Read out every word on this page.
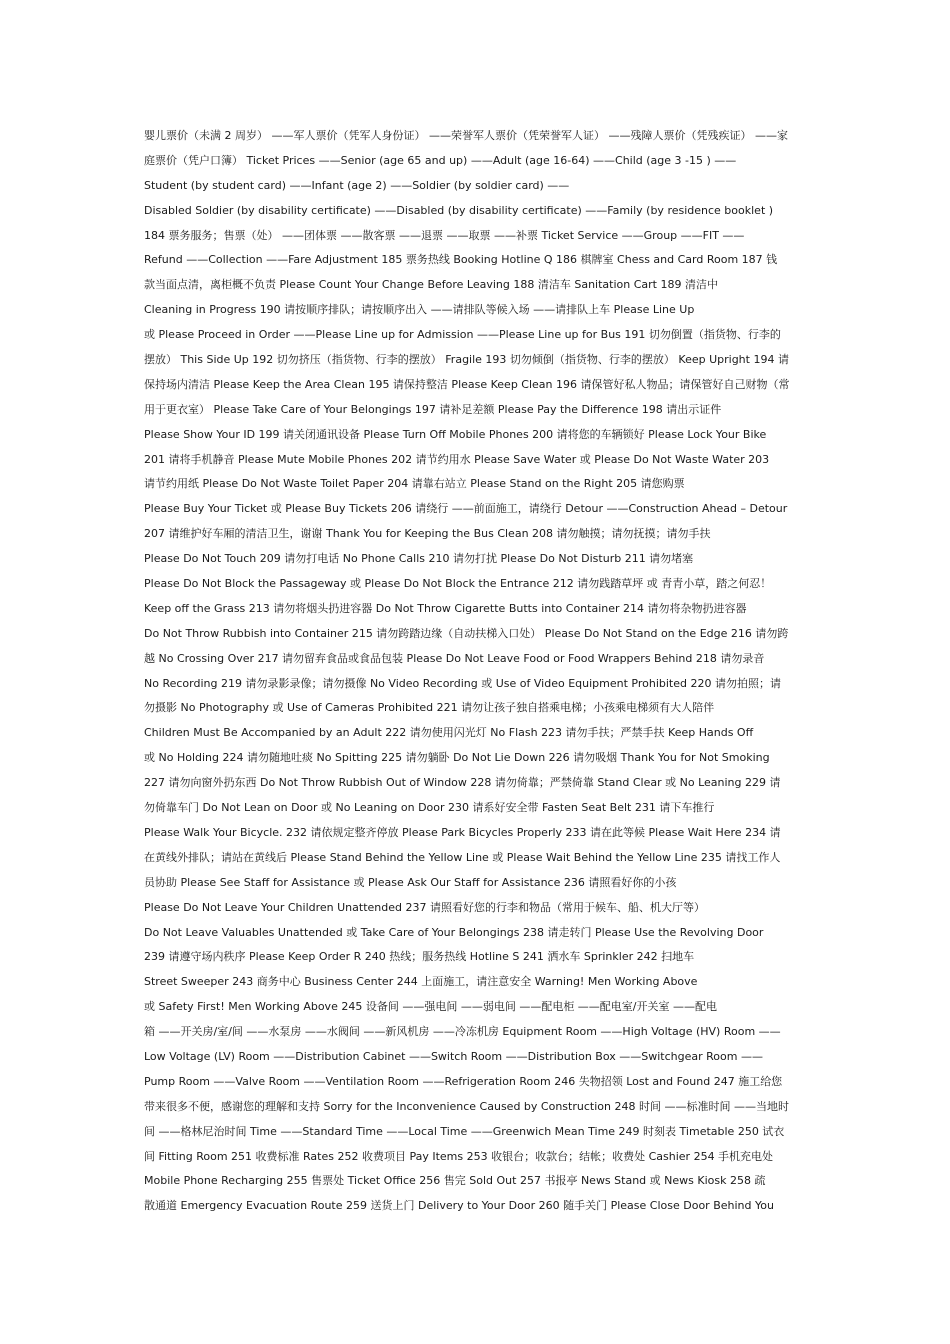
婴儿票价（未满 2 周岁） ——军人票价（凭军人身份证） ——荣誉军人票价（凭荣誉军人证） ——残障人票价（凭残疾证） ——家
庭票价（凭户口簿） Ticket Prices ——Senior (age 65 and up) ——Adult (age 16-64) ——Child (age 3 -15 ) ——
Student (by student card) ——Infant (age 2) ——Soldier (by soldier card) ——
Disabled Soldier (by disability certificate) ——Disabled (by disability certificate) ——Family (by residence booklet )
184 票务服务；售票（处） ——团体票 ——散客票 ——退票 ——取票 ——补票 Ticket Service ——Group ——FIT ——
Refund ——Collection ——Fare Adjustment 185 票务热线 Booking Hotline Q 186 棋牌室 Chess and Card Room 187 钱
款当面点清，离柜概不负责 Please Count Your Change Before Leaving 188 清洁车 Sanitation Cart 189 清洁中
Cleaning in Progress 190 请按顺序排队；请按顺序出入 ——请排队等候入场 ——请排队上车 Please Line Up
或 Please Proceed in Order ——Please Line up for Admission ——Please Line up for Bus 191 切勿倒置（指货物、行李的
摆放） This Side Up 192 切勿挤压（指货物、行李的摆放） Fragile 193 切勿倾倒（指货物、行李的摆放） Keep Upright 194 请
保持场内清洁 Please Keep the Area Clean 195 请保持整洁 Please Keep Clean 196 请保管好私人物品；请保管好自己财物（常
用于更衣室） Please Take Care of Your Belongings 197 请补足差额 Please Pay the Difference 198 请出示证件
Please Show Your ID 199 请关闭通讯设备 Please Turn Off Mobile Phones 200 请将您的车辆锁好 Please Lock Your Bike
201 请将手机静音 Please Mute Mobile Phones 202 请节约用水 Please Save Water 或 Please Do Not Waste Water 203
请节约用纸 Please Do Not Waste Toilet Paper 204 请靠右站立 Please Stand on the Right 205 请您购票
Please Buy Your Ticket 或 Please Buy Tickets 206 请绕行 ——前面施工，请绕行 Detour ——Construction Ahead – Detour
207 请维护好车厢的清洁卫生，谢谢 Thank You for Keeping the Bus Clean 208 请勿触摸；请勿抚摸；请勿手扶
Please Do Not Touch 209 请勿打电话 No Phone Calls 210 请勿打扰 Please Do Not Disturb 211 请勿堵塞
Please Do Not Block the Passageway 或 Please Do Not Block the Entrance 212 请勿践踏草坪 或 青青小草，踏之何忍！
Keep off the Grass 213 请勿将烟头扔进容器 Do Not Throw Cigarette Butts into Container 214 请勿将杂物扔进容器
Do Not Throw Rubbish into Container 215 请勿跨踏边缘（自动扶梯入口处） Please Do Not Stand on the Edge 216 请勿跨
越 No Crossing Over 217 请勿留弃食品或食品包装 Please Do Not Leave Food or Food Wrappers Behind 218 请勿录音
No Recording 219 请勿录影录像；请勿摄像 No Video Recording 或 Use of Video Equipment Prohibited 220 请勿拍照；请
勿摄影 No Photography 或 Use of Cameras Prohibited 221 请勿让孩子独自搭乘电梯；小孩乘电梯须有大人陪伴
Children Must Be Accompanied by an Adult 222 请勿使用闪光灯 No Flash 223 请勿手扶；严禁手扶 Keep Hands Off
或 No Holding 224 请勿随地吐痰 No Spitting 225 请勿躺卧 Do Not Lie Down 226 请勿吸烟 Thank You for Not Smoking
227 请勿向窗外扔东西 Do Not Throw Rubbish Out of Window 228 请勿倚靠；严禁倚靠 Stand Clear 或 No Leaning 229 请
勿倚靠车门 Do Not Lean on Door 或 No Leaning on Door 230 请系好安全带 Fasten Seat Belt 231 请下车推行
Please Walk Your Bicycle. 232 请依规定整齐停放 Please Park Bicycles Properly 233 请在此等候 Please Wait Here 234 请
在黄线外排队；请站在黄线后 Please Stand Behind the Yellow Line 或 Please Wait Behind the Yellow Line 235 请找工作人
员协助 Please See Staff for Assistance 或 Please Ask Our Staff for Assistance 236 请照看好你的小孩
Please Do Not Leave Your Children Unattended 237 请照看好您的行李和物品（常用于候车、船、机大厅等）
Do Not Leave Valuables Unattended 或 Take Care of Your Belongings 238 请走转门 Please Use the Revolving Door
239 请遵守场内秩序 Please Keep Order R 240 热线；服务热线 Hotline S 241 洒水车 Sprinkler 242 扫地车
Street Sweeper 243 商务中心 Business Center 244 上面施工，请注意安全 Warning! Men Working Above
或 Safety First! Men Working Above 245 设备间 ——强电间 ——弱电间 ——配电柜 ——配电室/开关室 ——配电
箱 ——开关房/室/间 ——水泵房 ——水阀间 ——新风机房 ——冷冻机房 Equipment Room ——High Voltage (HV) Room ——
Low Voltage (LV) Room ——Distribution Cabinet ——Switch Room ——Distribution Box ——Switchgear Room ——
Pump Room ——Valve Room ——Ventilation Room ——Refrigeration Room 246 失物招领 Lost and Found 247 施工给您
带来很多不便，感谢您的理解和支持 Sorry for the Inconvenience Caused by Construction 248 时间 ——标准时间 ——当地时
间 ——格林尼治时间 Time ——Standard Time ——Local Time ——Greenwich Mean Time 249 时刻表 Timetable 250 试衣
间 Fitting Room 251 收费标准 Rates 252 收费项目 Pay Items 253 收银台；收款台；结帐；收费处 Cashier 254 手机充电处
Mobile Phone Recharging 255 售票处 Ticket Office 256 售完 Sold Out 257 书报亭 News Stand 或 News Kiosk 258 疏
散通道 Emergency Evacuation Route 259 送货上门 Delivery to Your Door 260 随手关门 Please Close Door Behind You
